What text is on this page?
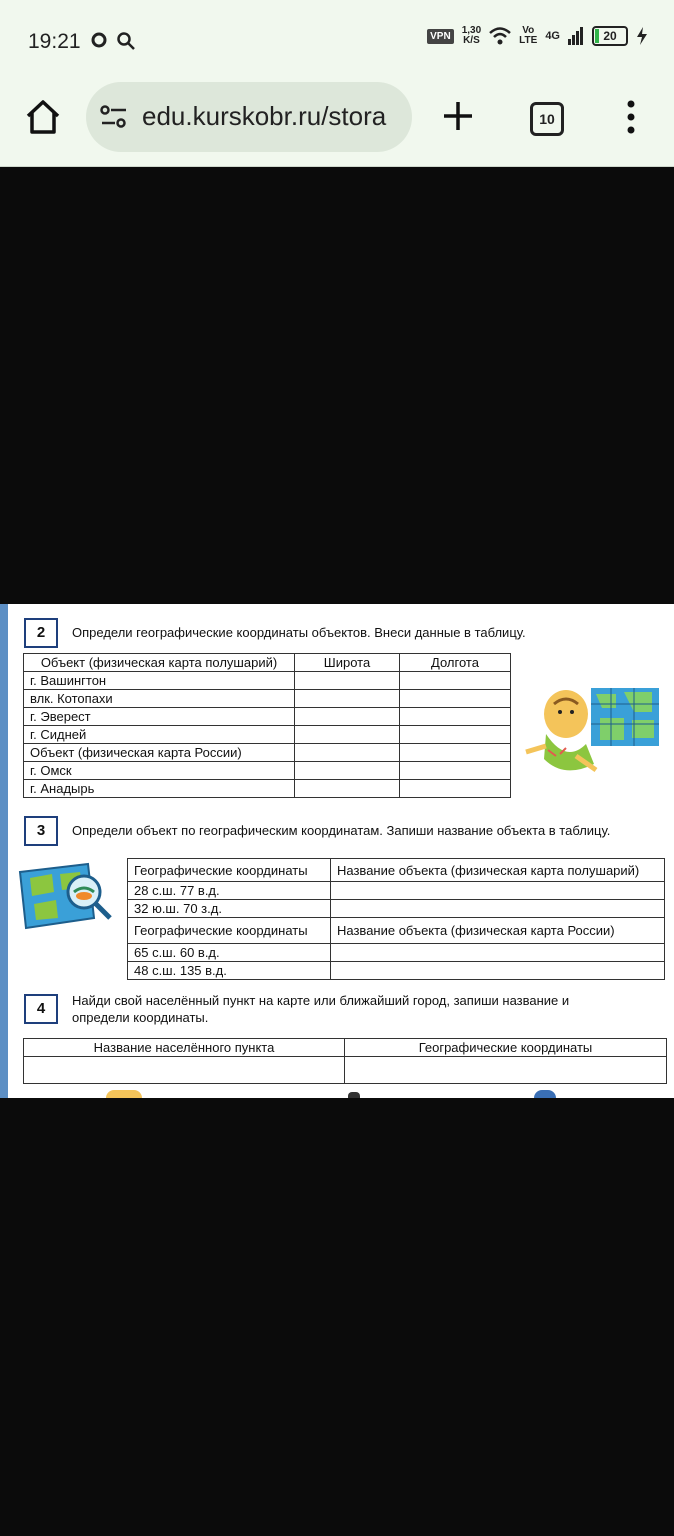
19:21	VPN	1,30
K/S
Vo
LTE 4G	20
edu.kurskobr.ru/stora	10
2	Определи географические координаты объектов. Внеси данные в таблицу.
Объект (физическая карта полушарий)	Широта	Долгота
г. Вашингтон		
влк. Котопахи		
г. Эверест		
г. Сидней		
Объект (физическая карта России)		
г. Омск		
г. Анадырь		
3	Определи объект по географическим координатам. Запиши название объекта в таблицу.
Географические координаты	Название объекта (физическая карта полушарий)
28 с.ш. 77 в.д.	
32 ю.ш. 70 з.д.	
Географические координаты	Название объекта (физическая карта России)
65 с.ш. 60 в.д.	
48 с.ш. 135 в.д.	
4	Найди свой населённый пункт на карте или ближайший город, запиши название и
определи координаты.
Название населённого пункта	Географические координаты
